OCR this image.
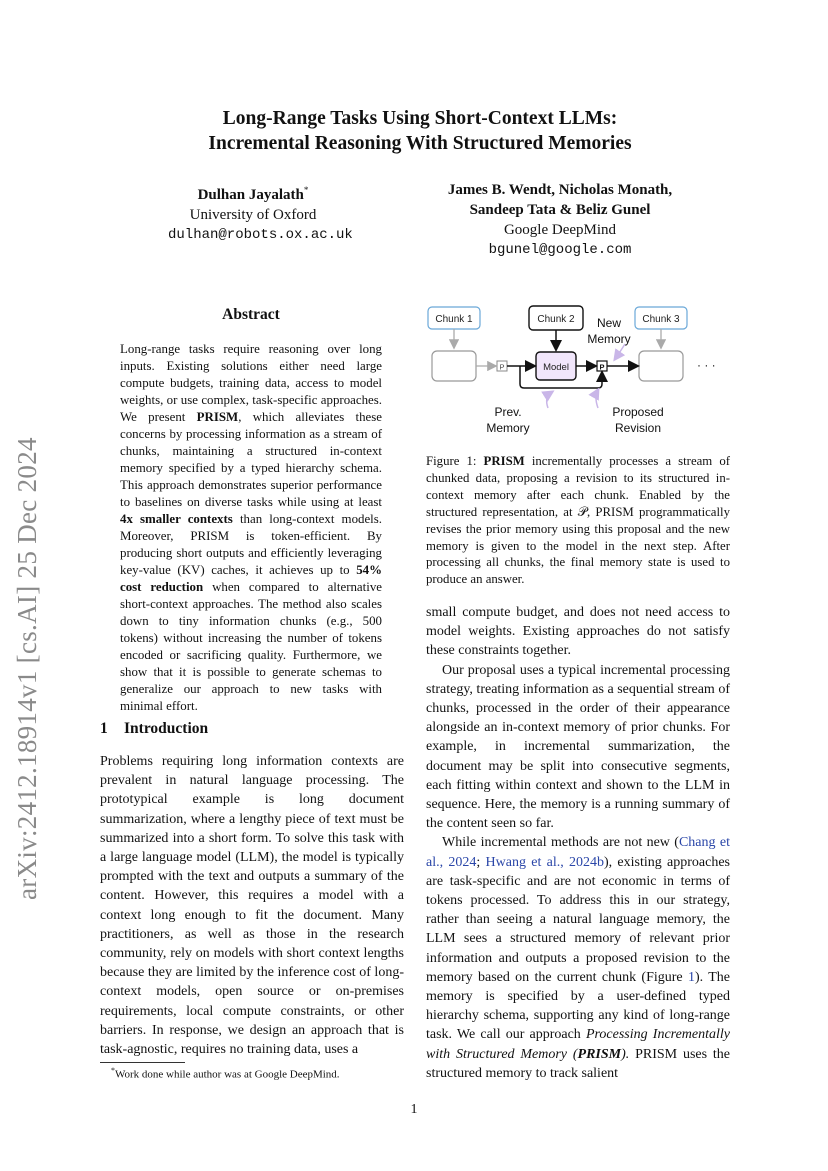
arXiv:2412.18914v1 [cs.AI] 25 Dec 2024
Long-Range Tasks Using Short-Context LLMs:
Incremental Reasoning With Structured Memories
Dulhan Jayalath*
University of Oxford
dulhan@robots.ox.ac.uk
James B. Wendt, Nicholas Monath,
Sandeep Tata & Beliz Gunel
Google DeepMind
bgunel@google.com
Abstract
Long-range tasks require reasoning over long inputs. Existing solutions either need large compute budgets, training data, access to model weights, or use complex, task-specific approaches. We present PRISM, which alleviates these concerns by processing information as a stream of chunks, maintaining a structured in-context memory specified by a typed hierarchy schema. This approach demonstrates superior performance to baselines on diverse tasks while using at least 4x smaller contexts than long-context models. Moreover, PRISM is token-efficient. By producing short outputs and efficiently leveraging key-value (KV) caches, it achieves up to 54% cost reduction when compared to alternative short-context approaches. The method also scales down to tiny information chunks (e.g., 500 tokens) without increasing the number of tokens encoded or sacrificing quality. Furthermore, we show that it is possible to generate schemas to generalize our approach to new tasks with minimal effort.
1 Introduction
Problems requiring long information contexts are prevalent in natural language processing. The prototypical example is long document summarization, where a lengthy piece of text must be summarized into a short form. To solve this task with a large language model (LLM), the model is typically prompted with the text and outputs a summary of the content. However, this requires a model with a context long enough to fit the document. Many practitioners, as well as those in the research community, rely on models with short context lengths because they are limited by the inference cost of long-context models, open source or on-premises requirements, local compute constraints, or other barriers. In response, we design an approach that is task-agnostic, requires no training data, uses a
*Work done while author was at Google DeepMind.
Chunk 1	Chunk 2	Chunk 3
Model
P	P
New
Memory
Prev.
Memory
Proposed
Revision
· · ·
Figure 1: PRISM incrementally processes a stream of chunked data, proposing a revision to its structured in-context memory after each chunk. Enabled by the structured representation, at 𝒫, PRISM programmatically revises the prior memory using this proposal and the new memory is given to the model in the next step. After processing all chunks, the final memory state is used to produce an answer.

small compute budget, and does not need access to model weights. Existing approaches do not satisfy these constraints together.

Our proposal uses a typical incremental processing strategy, treating information as a sequential stream of chunks, processed in the order of their appearance alongside an in-context memory of prior chunks. For example, in incremental summarization, the document may be split into consecutive segments, each fitting within context and shown to the LLM in sequence. Here, the memory is a running summary of the content seen so far.

While incremental methods are not new (Chang et al., 2024; Hwang et al., 2024b), existing approaches are task-specific and are not economic in terms of tokens processed. To address this in our strategy, rather than seeing a natural language memory, the LLM sees a structured memory of relevant prior information and outputs a proposed revision to the memory based on the current chunk (Figure 1). The memory is specified by a user-defined typed hierarchy schema, supporting any kind of long-range task. We call our approach Processing Incrementally with Structured Memory (PRISM). PRISM uses the structured memory to track salient

1
